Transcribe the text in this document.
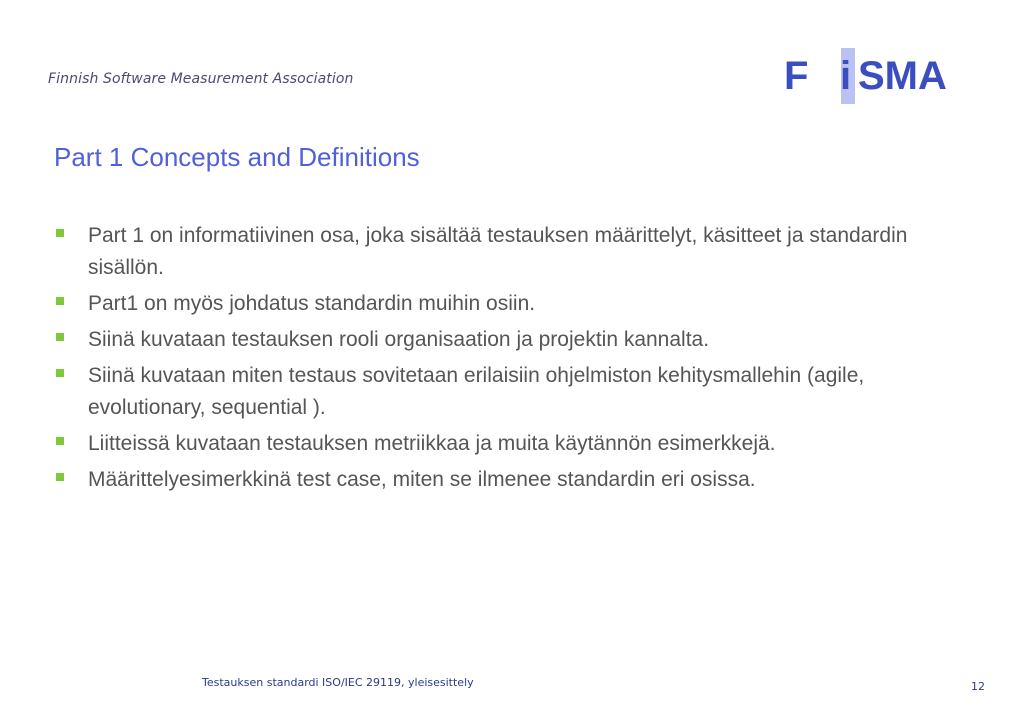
Finnish Software Measurement Association	F i SMA
Part 1 Concepts and Definitions
Part 1 on informatiivinen osa, joka sisältää testauksen määrittelyt, käsitteet ja standardin sisällön.
Part1 on myös johdatus standardin muihin osiin.
Siinä kuvataan testauksen rooli organisaation ja projektin kannalta.
Siinä kuvataan miten testaus sovitetaan erilaisiin ohjelmiston kehitysmallehin (agile, evolutionary, sequential ).
Liitteissä kuvataan testauksen metriikkaa ja muita käytännön esimerkkejä.
Määrittelyesimerkkinä test case, miten se ilmenee standardin eri osissa.
Testauksen standardi ISO/IEC 29119, yleisesittely	12
